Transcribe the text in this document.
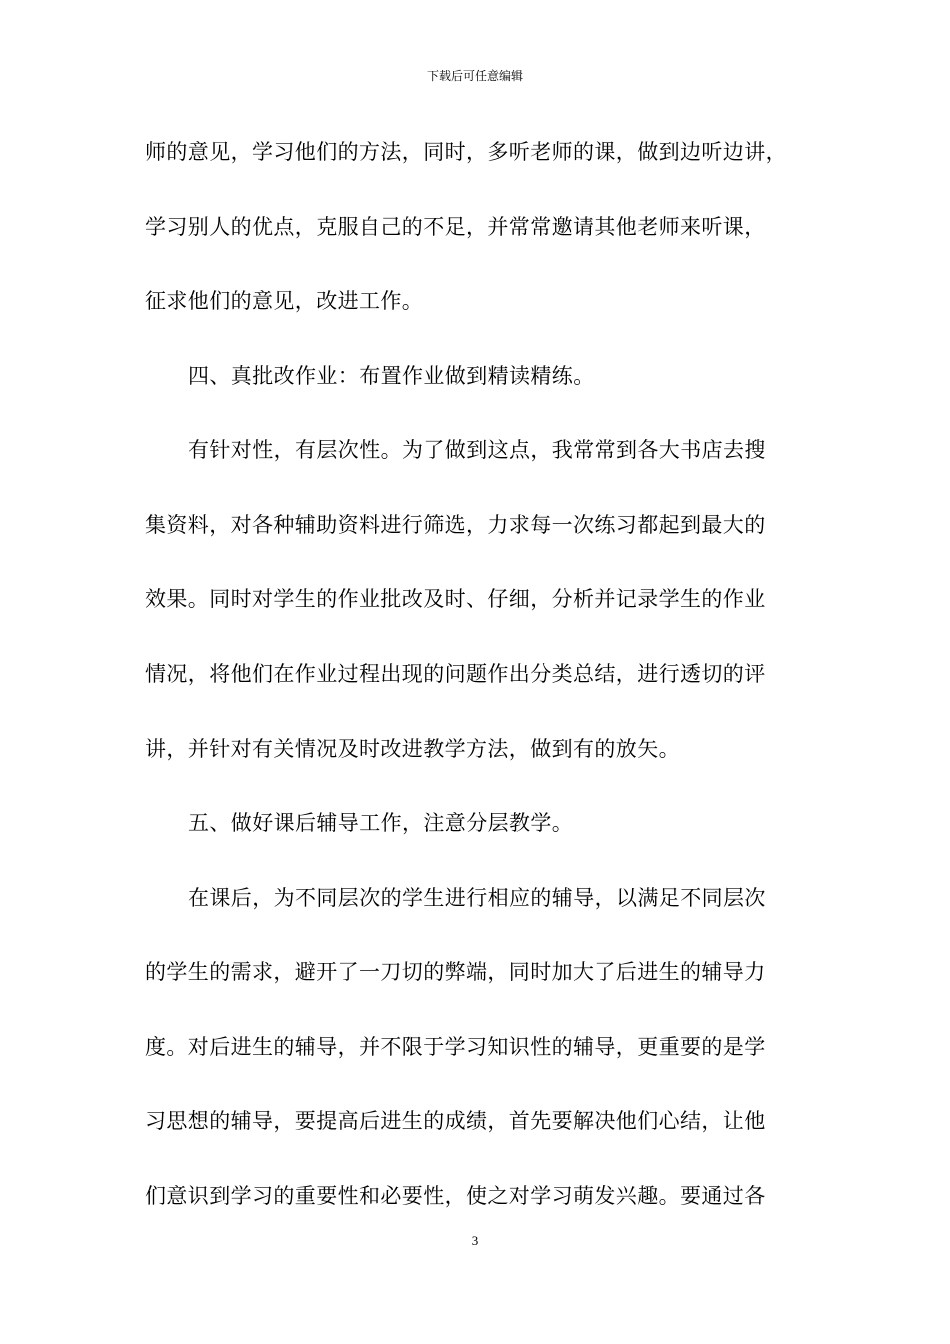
下载后可任意编辑
师的意见，学习他们的方法，同时，多听老师的课，做到边听边讲，
学习别人的优点，克服自己的不足，并常常邀请其他老师来听课，
征求他们的意见，改进工作。
四、真批改作业：布置作业做到精读精练。
有针对性，有层次性。为了做到这点，我常常到各大书店去搜
集资料，对各种辅助资料进行筛选，力求每一次练习都起到最大的
效果。同时对学生的作业批改及时、仔细，分析并记录学生的作业
情况，将他们在作业过程出现的问题作出分类总结，进行透切的评
讲，并针对有关情况及时改进教学方法，做到有的放矢。
五、做好课后辅导工作，注意分层教学。
在课后，为不同层次的学生进行相应的辅导，以满足不同层次
的学生的需求，避开了一刀切的弊端，同时加大了后进生的辅导力
度。对后进生的辅导，并不限于学习知识性的辅导，更重要的是学
习思想的辅导，要提高后进生的成绩，首先要解决他们心结，让他
们意识到学习的重要性和必要性，使之对学习萌发兴趣。要通过各
3
